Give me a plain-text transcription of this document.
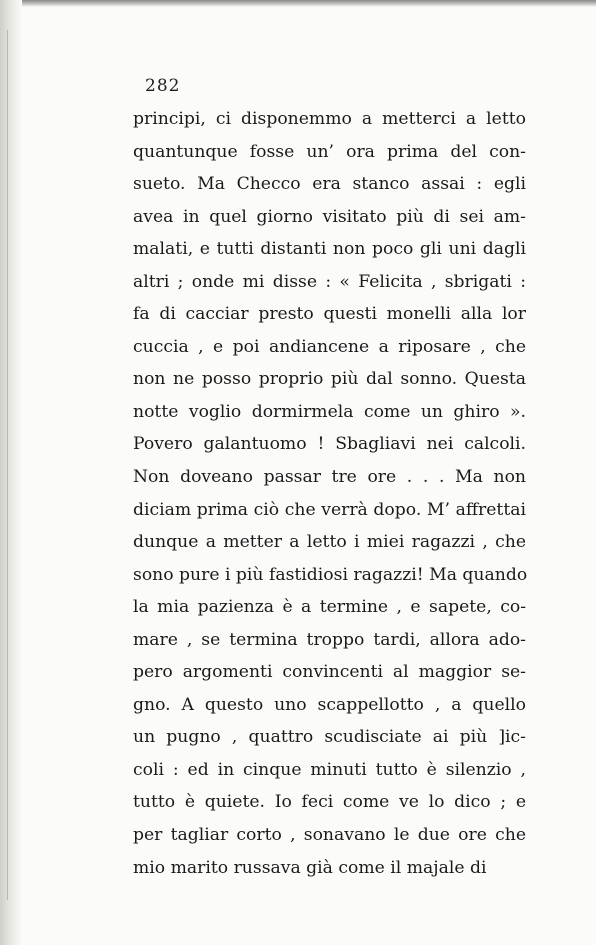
282
principi, ci disponemmo a metterci a letto
quantunque fosse un’ ora prima del con-
sueto. Ma Checco era stanco assai : egli
avea in quel giorno visitato più di sei am-
malati, e tutti distanti non poco gli uni dagli
altri ; onde mi disse : « Felicita , sbrigati :
fa di cacciar presto questi monelli alla lor
cuccia , e poi andiancene a riposare , che
non ne posso proprio più dal sonno. Questa
notte voglio dormirmela come un ghiro ».
Povero galantuomo ! Sbagliavi nei calcoli.
Non doveano passar tre ore . . . Ma non
diciam prima ciò che verrà dopo. M’ affrettai
dunque a metter a letto i miei ragazzi , che
sono pure i più fastidiosi ragazzi! Ma quando
la mia pazienza è a termine , e sapete, co-
mare , se termina troppo tardi, allora ado-
pero argomenti convincenti al maggior se-
gno. A questo uno scappellotto , a quello
un pugno , quattro scudisciate ai più ]ic-
coli : ed in cinque minuti tutto è silenzio ,
tutto è quiete. Io feci come ve lo dico ; e
per tagliar corto , sonavano le due ore che
mio marito russava già come il majale di
